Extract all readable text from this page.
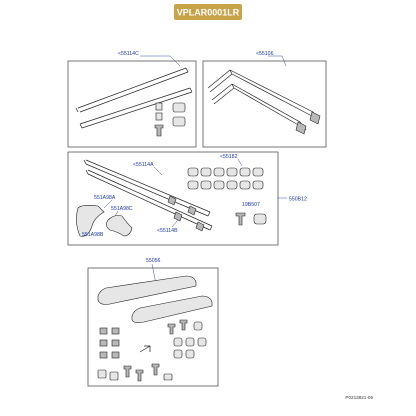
VPLAR0001LR
<55114C	<55106
550B12
<55114A
<55114B
551A98A
551A98C
551A98B
<55182
19B507
55056
P0213821-06
